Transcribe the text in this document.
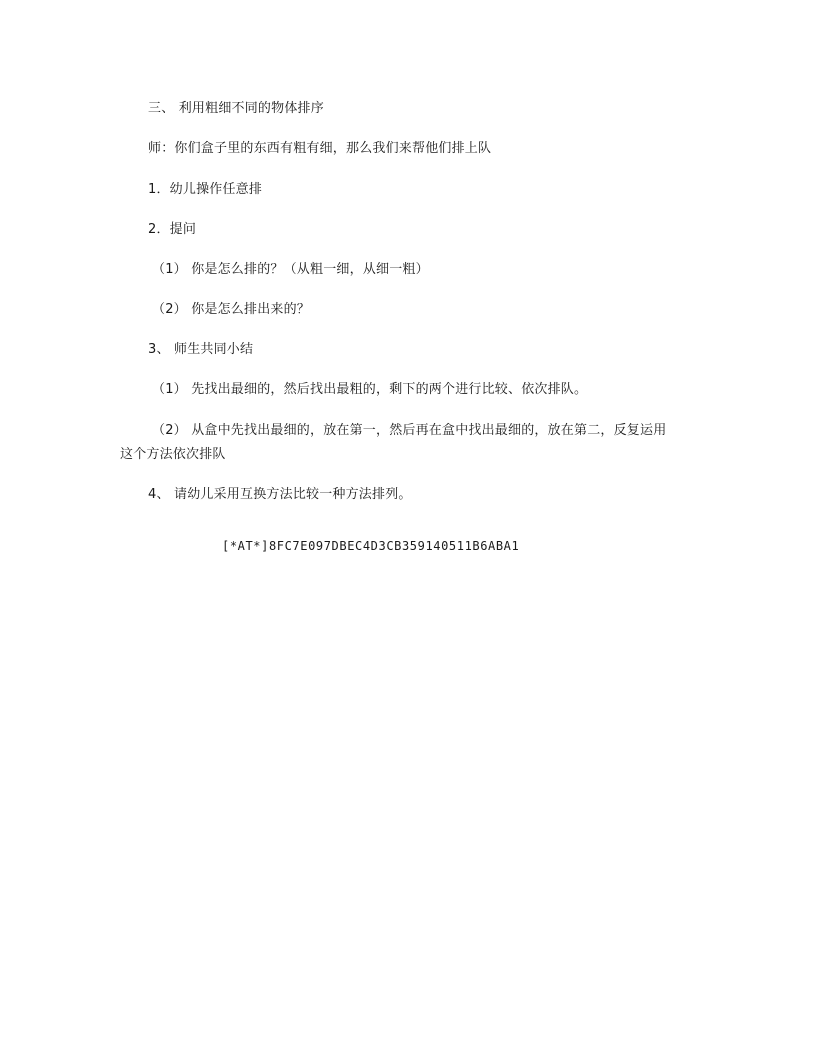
三、 利用粗细不同的物体排序
师：你们盒子里的东西有粗有细，那么我们来帮他们排上队
1．幼儿操作任意排
2．提问
（1） 你是怎么排的？（从粗一细，从细一粗）
（2） 你是怎么排出来的？
3、 师生共同小结
（1） 先找出最细的，然后找出最粗的，剩下的两个进行比较、依次排队。
（2） 从盒中先找出最细的，放在第一，然后再在盒中找出最细的，放在第二，反复运用
这个方法依次排队
4、 请幼儿采用互换方法比较一种方法排列。
[*AT*]8FC7E097DBEC4D3CB359140511B6ABA1
